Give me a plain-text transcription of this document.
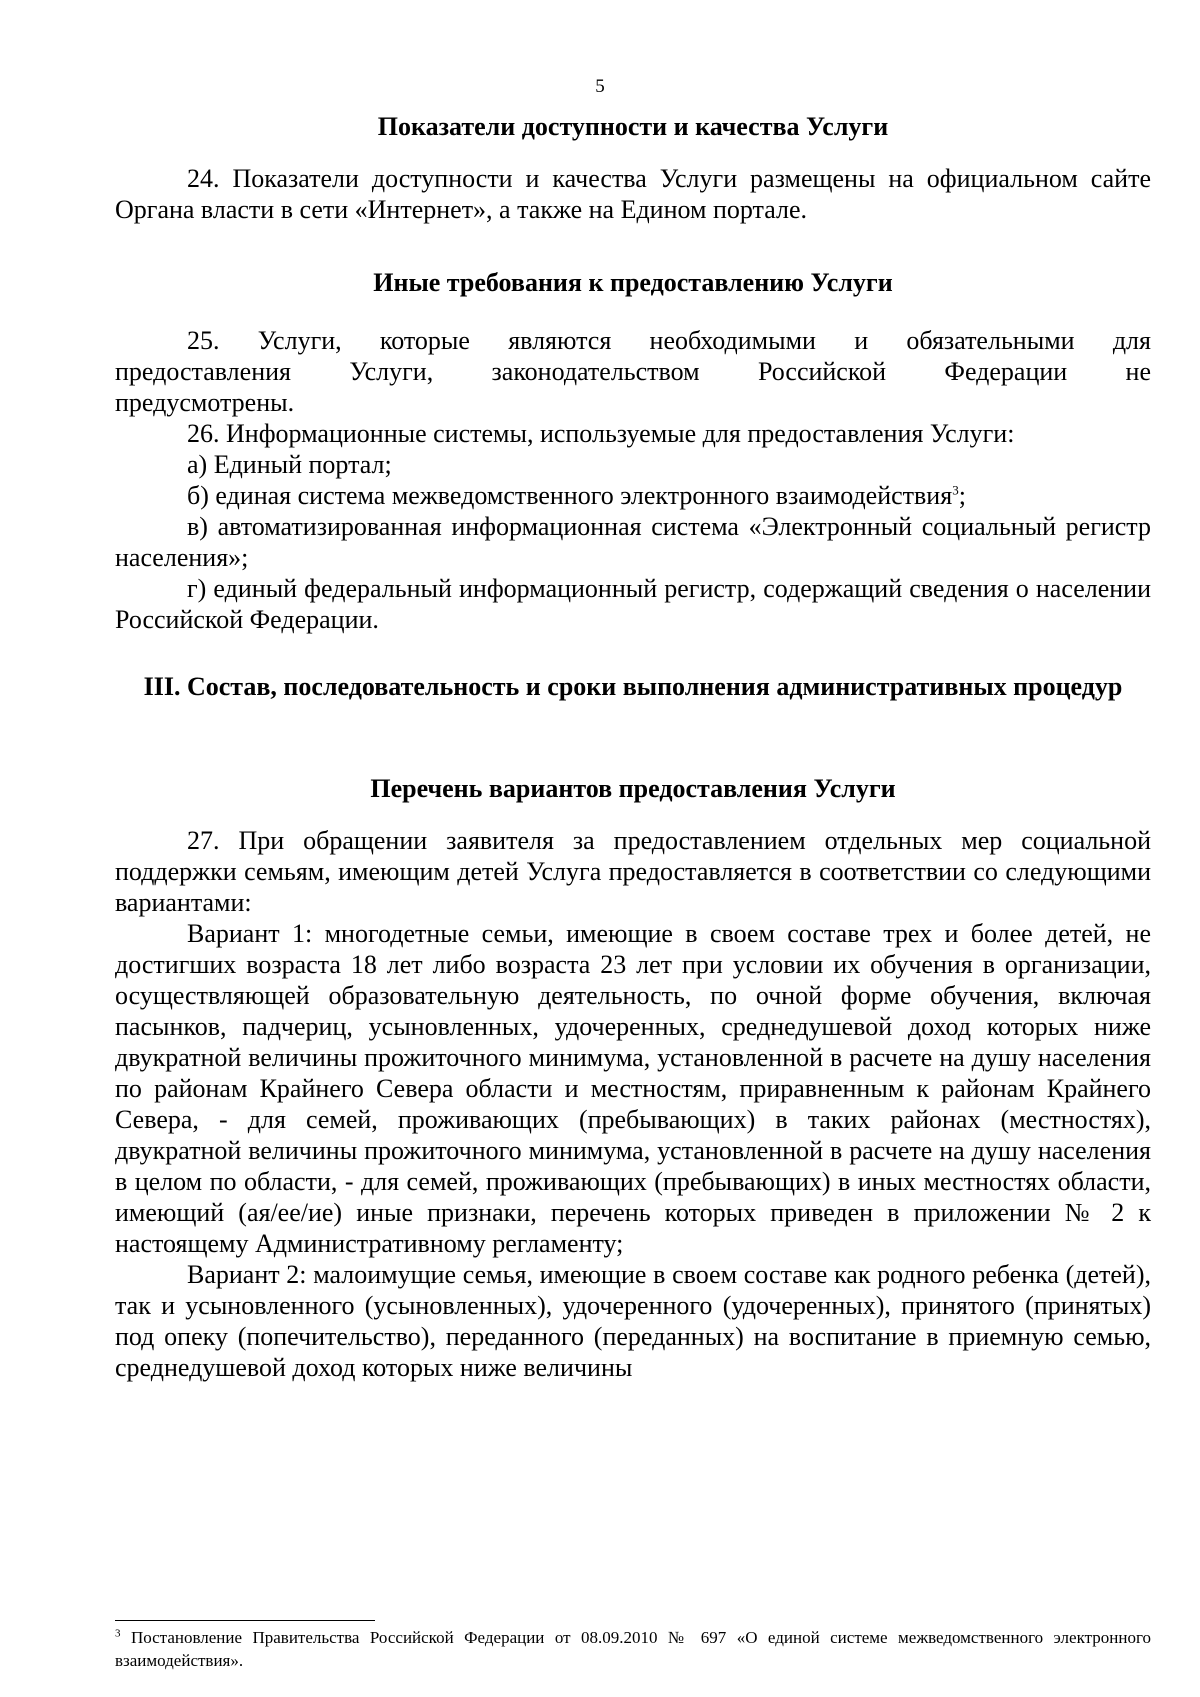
5
Показатели доступности и качества Услуги

24. Показатели доступности и качества Услуги размещены на официальном сайте Органа власти в сети «Интернет», а также на Едином портале.

Иные требования к предоставлению Услуги

25. Услуги, которые являются необходимыми и обязательными для

предоставления Услуги, законодательством Российской Федерации не

предусмотрены.

26. Информационные системы, используемые для предоставления Услуги:

а) Единый портал;

б) единая система межведомственного электронного взаимодействия$^3$;

в) автоматизированная информационная система «Электронный социальный регистр населения»;

г) единый федеральный информационный регистр, содержащий сведения о населении Российской Федерации.

III. Состав, последовательность и сроки выполнения административных процедур
Перечень вариантов предоставления Услуги

27. При обращении заявителя за предоставлением отдельных мер социальной поддержки семьям, имеющим детей Услуга предоставляется в соответствии со следующими вариантами:

Вариант 1: многодетные семьи, имеющие в своем составе трех и более детей, не достигших возраста 18 лет либо возраста 23 лет при условии их обучения в организации, осуществляющей образовательную деятельность, по очной форме обучения, включая пасынков, падчериц, усыновленных, удочеренных, среднедушевой доход которых ниже двукратной величины прожиточного минимума, установленной в расчете на душу населения по районам Крайнего Севера области и местностям, приравненным к районам Крайнего Севера, - для семей, проживающих (пребывающих) в таких районах (местностях), двукратной величины прожиточного минимума, установленной в расчете на душу населения в целом по области, - для семей, проживающих (пребывающих) в иных местностях области, имеющий (ая/ее/ие) иные признаки, перечень которых приведен в приложении № 2 к настоящему Административному регламенту;

Вариант 2: малоимущие семья, имеющие в своем составе как родного ребенка (детей), так и усыновленного (усыновленных), удочеренного (удочеренных), принятого (принятых) под опеку (попечительство), переданного (переданных) на воспитание в приемную семью, среднедушевой доход которых ниже величины

$^3$ Постановление Правительства Российской Федерации от 08.09.2010 № 697 «О единой системе межведомственного электронного взаимодействия».
